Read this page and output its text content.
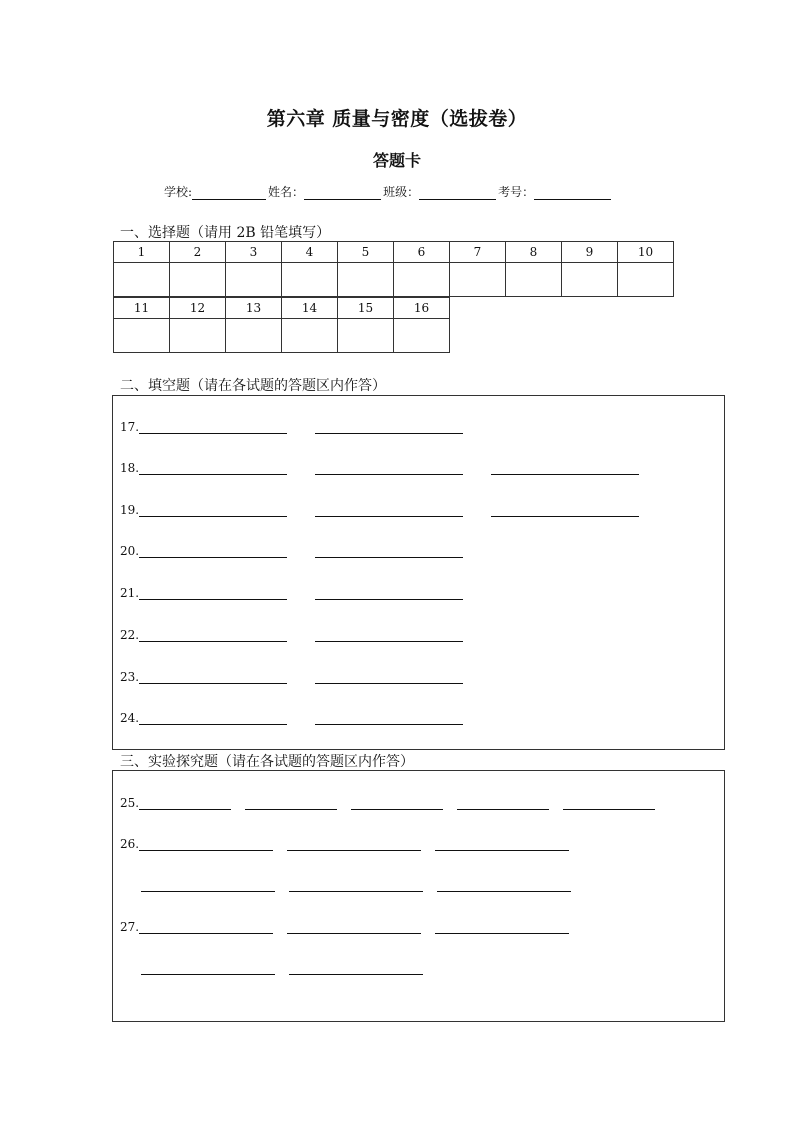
第六章 质量与密度（选拔卷）
答题卡
学校:	姓名：	班级：	考号：
一、选择题（请用 2B 铅笔填写）
1	2	3	4	5	6	7	8	9	10

11	12	13	14	15	16

二、填空题（请在各试题的答题区内作答）
17.
18.
19.
20.
21.
22.
23.
24.
三、实验探究题（请在各试题的答题区内作答）
25.
26.
27.
